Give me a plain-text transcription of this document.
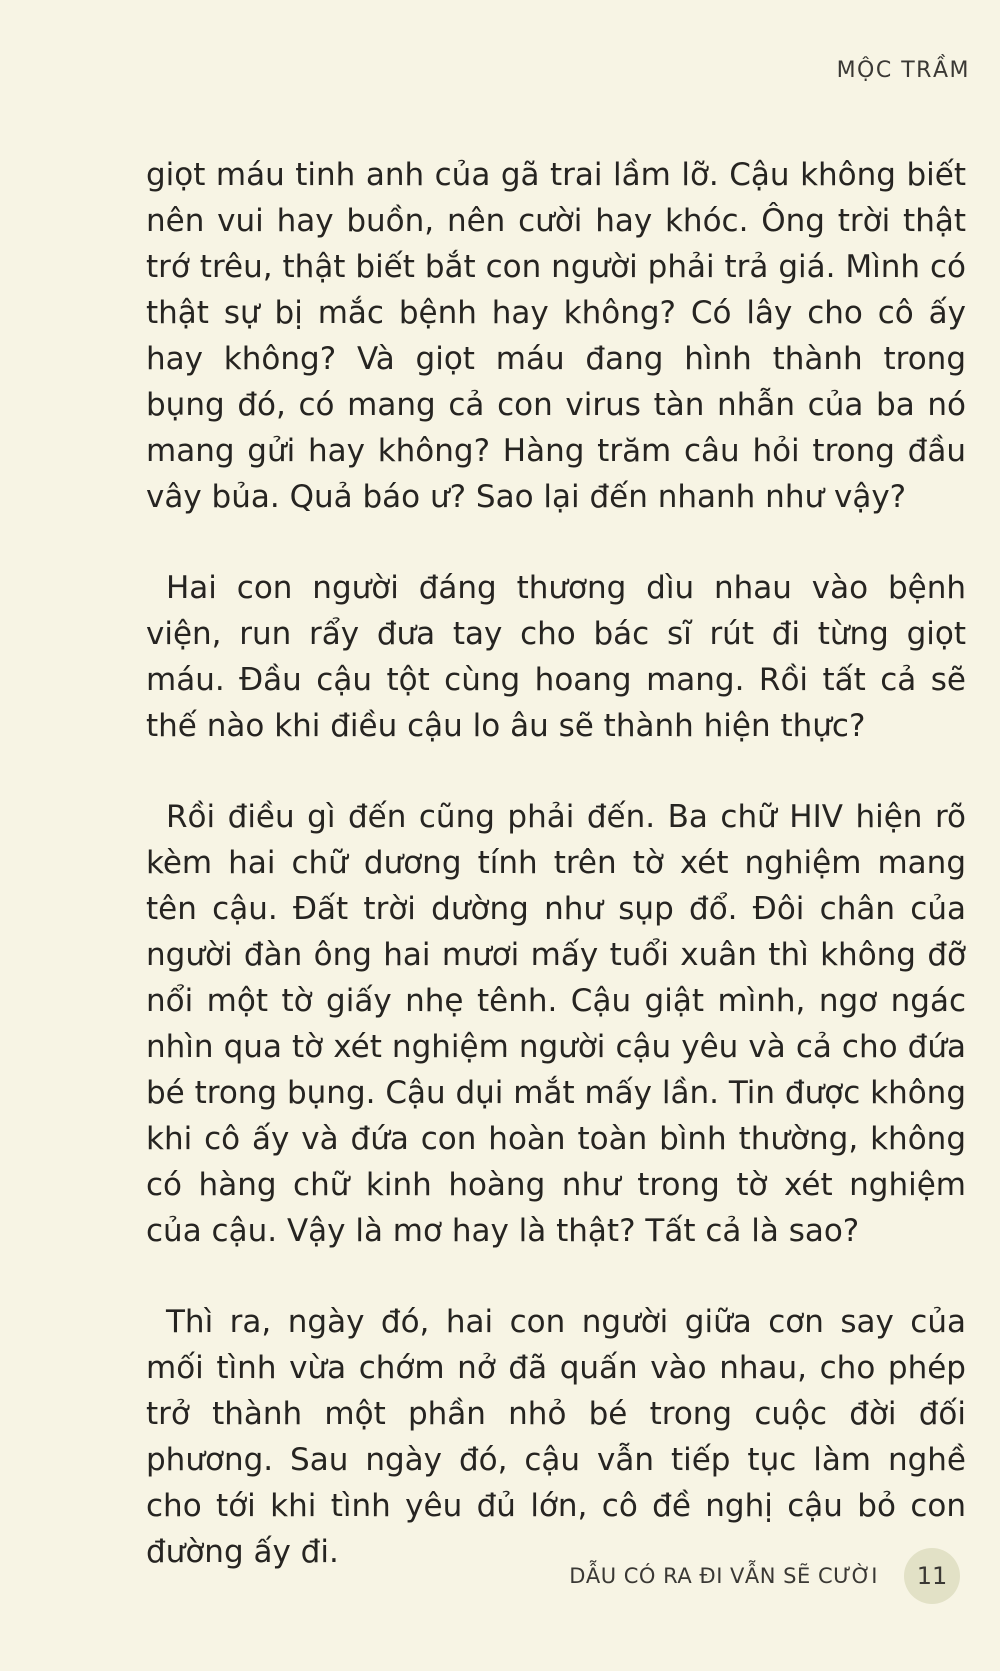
MỘC TRẦM

giọt máu tinh anh của gã trai lầm lỡ. Cậu không biết nên vui hay buồn, nên cười hay khóc. Ông trời thật trớ trêu, thật biết bắt con người phải trả giá. Mình có thật sự bị mắc bệnh hay không? Có lây cho cô ấy hay không? Và giọt máu đang hình thành trong bụng đó, có mang cả con virus tàn nhẫn của ba nó mang gửi hay không? Hàng trăm câu hỏi trong đầu vây bủa. Quả báo ư? Sao lại đến nhanh như vậy?

Hai con người đáng thương dìu nhau vào bệnh viện, run rẩy đưa tay cho bác sĩ rút đi từng giọt máu. Đầu cậu tột cùng hoang mang. Rồi tất cả sẽ thế nào khi điều cậu lo âu sẽ thành hiện thực?

Rồi điều gì đến cũng phải đến. Ba chữ HIV hiện rõ kèm hai chữ dương tính trên tờ xét nghiệm mang tên cậu. Đất trời dường như sụp đổ. Đôi chân của người đàn ông hai mươi mấy tuổi xuân thì không đỡ nổi một tờ giấy nhẹ tênh. Cậu giật mình, ngơ ngác nhìn qua tờ xét nghiệm người cậu yêu và cả cho đứa bé trong bụng. Cậu dụi mắt mấy lần. Tin được không khi cô ấy và đứa con hoàn toàn bình thường, không có hàng chữ kinh hoàng như trong tờ xét nghiệm của cậu. Vậy là mơ hay là thật? Tất cả là sao?

Thì ra, ngày đó, hai con người giữa cơn say của mối tình vừa chớm nở đã quấn vào nhau, cho phép trở thành một phần nhỏ bé trong cuộc đời đối phương. Sau ngày đó, cậu vẫn tiếp tục làm nghề cho tới khi tình yêu đủ lớn, cô đề nghị cậu bỏ con đường ấy đi.

DẪU CÓ RA ĐI VẪN SẼ CƯỜI 11
